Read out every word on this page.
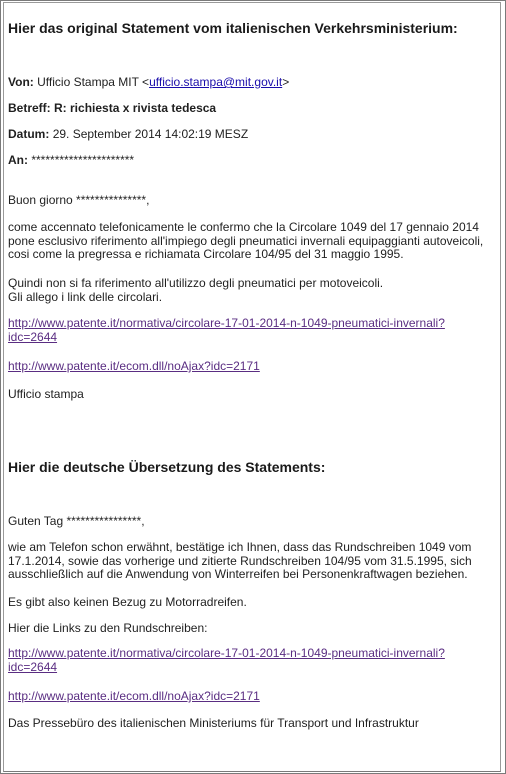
Hier das original Statement vom italienischen Verkehrsministerium:
Von: Ufficio Stampa MIT <ufficio.stampa@mit.gov.it>
Betreff: R: richiesta x rivista tedesca
Datum: 29. September 2014 14:02:19 MESZ
An: **********************
Buon giorno ***************,
come accennato telefonicamente le confermo che la Circolare 1049 del 17 gennaio 2014
pone esclusivo riferimento all'impiego degli pneumatici invernali equipaggianti autoveicoli,
cosi come la pregressa e richiamata Circolare 104/95 del 31 maggio 1995.
Quindi non si fa riferimento all'utilizzo degli pneumatici per motoveicoli.
Gli allego i link delle circolari.
http://www.patente.it/normativa/circolare-17-01-2014-n-1049-pneumatici-invernali?
idc=2644
http://www.patente.it/ecom.dll/noAjax?idc=2171
Ufficio stampa
Hier die deutsche Übersetzung des Statements:
Guten Tag ****************,
wie am Telefon schon erwähnt, bestätige ich Ihnen, dass das Rundschreiben 1049 vom
17.1.2014, sowie das vorherige und zitierte Rundschreiben 104/95 vom 31.5.1995, sich
ausschließlich auf die Anwendung von Winterreifen bei Personenkraftwagen beziehen.
Es gibt also keinen Bezug zu Motorradreifen.
Hier die Links zu den Rundschreiben:
http://www.patente.it/normativa/circolare-17-01-2014-n-1049-pneumatici-invernali?
idc=2644
http://www.patente.it/ecom.dll/noAjax?idc=2171
Das Pressebüro des italienischen Ministeriums für Transport und Infrastruktur
